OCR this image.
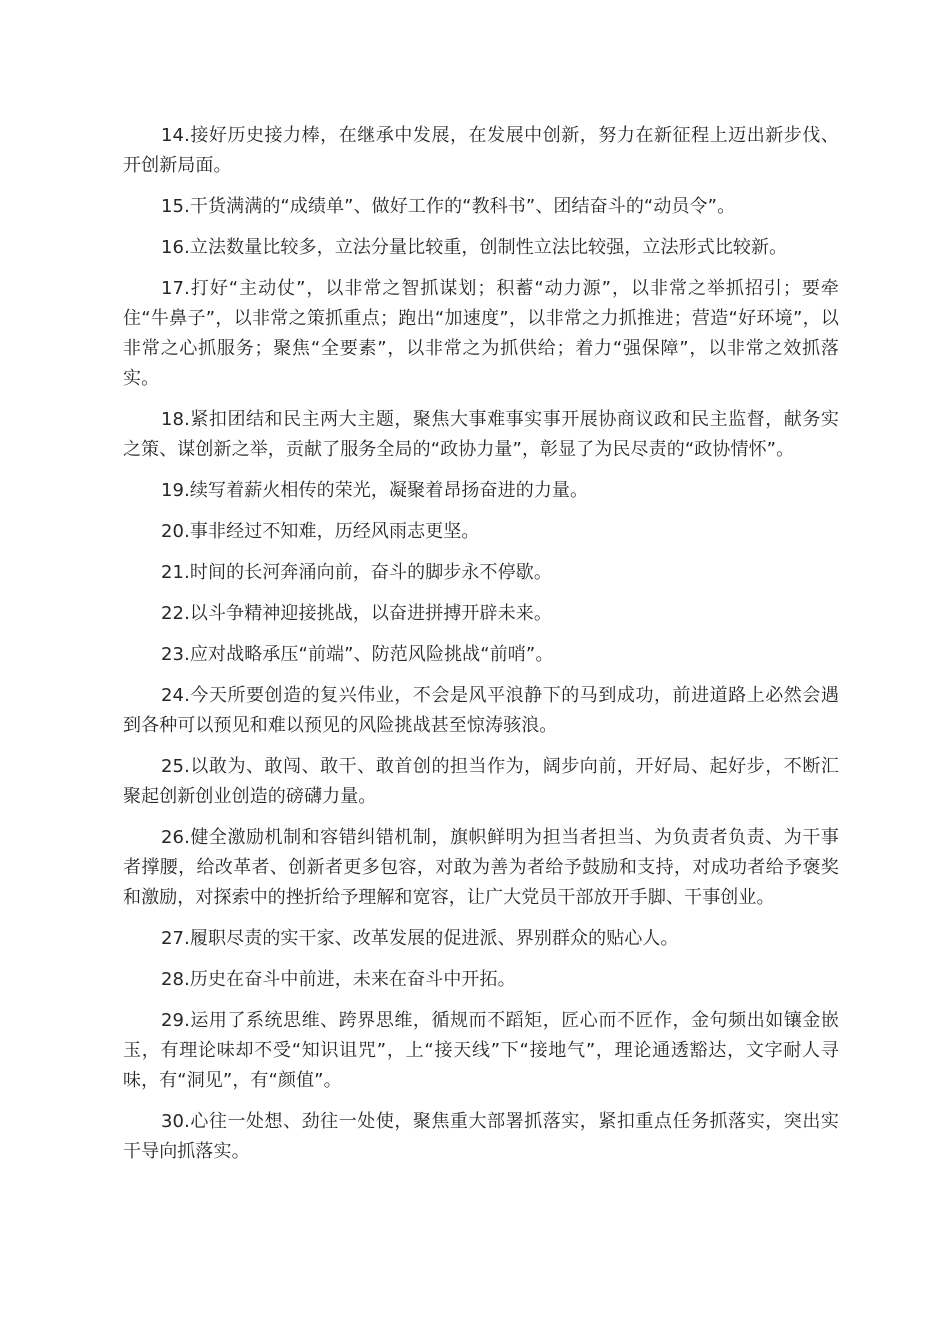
14.接好历史接力棒，在继承中发展，在发展中创新，努力在新征程上迈出新步伐、开创新局面。

15.干货满满的“成绩单”、做好工作的“教科书”、团结奋斗的“动员令”。

16.立法数量比较多，立法分量比较重，创制性立法比较强，立法形式比较新。

17.打好“主动仗”，以非常之智抓谋划；积蓄“动力源”，以非常之举抓招引；要牵住“牛鼻子”，以非常之策抓重点；跑出“加速度”，以非常之力抓推进；营造“好环境”，以非常之心抓服务；聚焦“全要素”，以非常之为抓供给；着力“强保障”，以非常之效抓落实。

18.紧扣团结和民主两大主题，聚焦大事难事实事开展协商议政和民主监督，献务实之策、谋创新之举，贡献了服务全局的“政协力量”，彰显了为民尽责的“政协情怀”。

19.续写着薪火相传的荣光，凝聚着昂扬奋进的力量。

20.事非经过不知难，历经风雨志更坚。

21.时间的长河奔涌向前，奋斗的脚步永不停歇。

22.以斗争精神迎接挑战，以奋进拼搏开辟未来。

23.应对战略承压“前端”、防范风险挑战“前哨”。

24.今天所要创造的复兴伟业，不会是风平浪静下的马到成功，前进道路上必然会遇到各种可以预见和难以预见的风险挑战甚至惊涛骇浪。

25.以敢为、敢闯、敢干、敢首创的担当作为，阔步向前，开好局、起好步，不断汇聚起创新创业创造的磅礴力量。

26.健全激励机制和容错纠错机制，旗帜鲜明为担当者担当、为负责者负责、为干事者撑腰，给改革者、创新者更多包容，对敢为善为者给予鼓励和支持，对成功者给予褒奖和激励，对探索中的挫折给予理解和宽容，让广大党员干部放开手脚、干事创业。

27.履职尽责的实干家、改革发展的促进派、界别群众的贴心人。

28.历史在奋斗中前进，未来在奋斗中开拓。

29.运用了系统思维、跨界思维，循规而不蹈矩，匠心而不匠作，金句频出如镶金嵌玉，有理论味却不受“知识诅咒”，上“接天线”下“接地气”，理论通透豁达，文字耐人寻味，有“洞见”，有“颜值”。

30.心往一处想、劲往一处使，聚焦重大部署抓落实，紧扣重点任务抓落实，突出实干导向抓落实。
